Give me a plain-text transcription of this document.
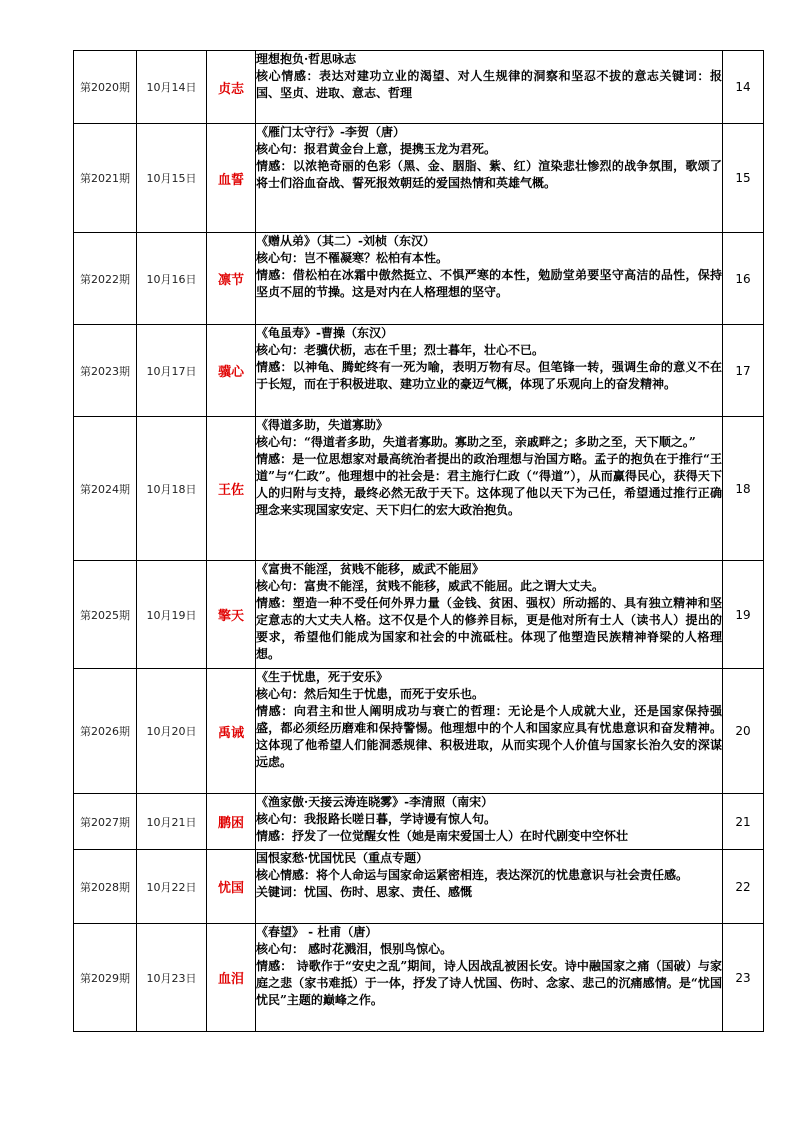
第2020期	10月14日	贞志	理想抱负·哲思咏志
核心情感：表达对建功立业的渴望、对人生规律的洞察和坚忍不拔的意志关键词：报国、坚贞、进取、意志、哲理	14
第2021期	10月15日	血誓	《雁门太守行》-李贺（唐）
核心句：报君黄金台上意，提携玉龙为君死。
情感：以浓艳奇丽的色彩（黑、金、胭脂、紫、红）渲染悲壮惨烈的战争氛围，歌颂了将士们浴血奋战、誓死报效朝廷的爱国热情和英雄气概。	15
第2022期	10月16日	凛节	《赠从弟》（其二）-刘桢（东汉）
核心句：岂不罹凝寒？松柏有本性。
情感：借松柏在冰霜中傲然挺立、不惧严寒的本性，勉励堂弟要坚守高洁的品性，保持坚贞不屈的节操。这是对内在人格理想的坚守。	16
第2023期	10月17日	骥心	《龟虽寿》-曹操（东汉）
核心句：老骥伏枥，志在千里；烈士暮年，壮心不已。
情感：以神龟、腾蛇终有一死为喻，表明万物有尽。但笔锋一转，强调生命的意义不在于长短，而在于积极进取、建功立业的豪迈气概，体现了乐观向上的奋发精神。	17
第2024期	10月18日	王佐	《得道多助，失道寡助》
核心句：“得道者多助，失道者寡助。寡助之至，亲戚畔之；多助之至，天下顺之。”
情感：是一位思想家对最高统治者提出的政治理想与治国方略。孟子的抱负在于推行“王道”与“仁政”。他理想中的社会是：君主施行仁政（“得道”），从而赢得民心，获得天下人的归附与支持，最终必然无敌于天下。这体现了他以天下为己任，希望通过推行正确理念来实现国家安定、天下归仁的宏大政治抱负。	18
第2025期	10月19日	擎天	《富贵不能淫，贫贱不能移，威武不能屈》
核心句：富贵不能淫，贫贱不能移，威武不能屈。此之谓大丈夫。
情感：塑造一种不受任何外界力量（金钱、贫困、强权）所动摇的、具有独立精神和坚定意志的大丈夫人格。这不仅是个人的修养目标，更是他对所有士人（读书人）提出的要求，希望他们能成为国家和社会的中流砥柱。体现了他塑造民族精神脊梁的人格理想。	19
第2026期	10月20日	禹诫	《生于忧患，死于安乐》
核心句：然后知生于忧患，而死于安乐也。
情感：向君主和世人阐明成功与衰亡的哲理：无论是个人成就大业，还是国家保持强盛，都必须经历磨难和保持警惕。他理想中的个人和国家应具有忧患意识和奋发精神。这体现了他希望人们能洞悉规律、积极进取，从而实现个人价值与国家长治久安的深谋远虑。	20
第2027期	10月21日	鹏困	《渔家傲·天接云涛连晓雾》-李清照（南宋）
核心句：我报路长嗟日暮，学诗谩有惊人句。
情感：抒发了一位觉醒女性（她是南宋爱国士人）在时代剧变中空怀壮	21
第2028期	10月22日	忧国	国恨家愁·忧国忧民（重点专题）
核心情感：将个人命运与国家命运紧密相连，表达深沉的忧患意识与社会责任感。
关键词：忧国、伤时、思家、责任、感慨	22
第2029期	10月23日	血泪	《春望》 - 杜甫（唐）
核心句： 感时花溅泪，恨别鸟惊心。
情感： 诗歌作于“安史之乱”期间，诗人因战乱被困长安。诗中融国家之痛（国破）与家庭之悲（家书难抵）于一体，抒发了诗人忧国、伤时、念家、悲己的沉痛感情。是“忧国忧民”主题的巅峰之作。	23
